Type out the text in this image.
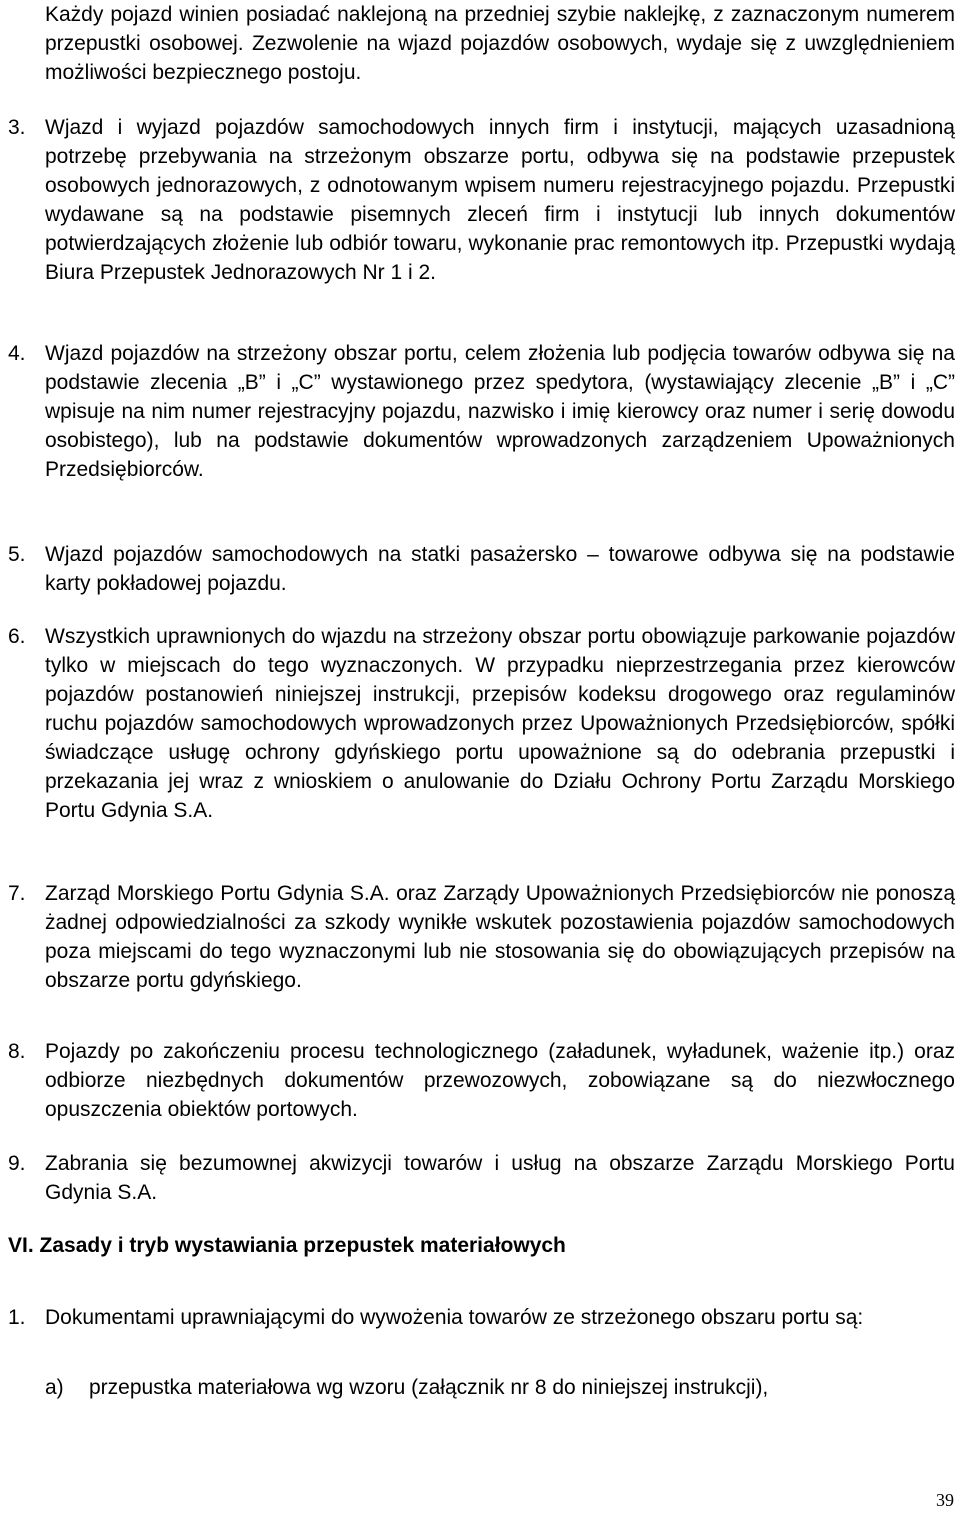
Każdy pojazd winien posiadać naklejoną na przedniej szybie naklejkę, z zaznaczonym numerem przepustki osobowej. Zezwolenie na wjazd pojazdów osobowych, wydaje się z uwzględnieniem możliwości bezpiecznego postoju.

3. Wjazd i wyjazd pojazdów samochodowych innych firm i instytucji, mających uzasadnioną potrzebę przebywania na strzeżonym obszarze portu, odbywa się na podstawie przepustek osobowych jednorazowych, z odnotowanym wpisem numeru rejestracyjnego pojazdu. Przepustki wydawane są na podstawie pisemnych zleceń firm i instytucji lub innych dokumentów potwierdzających złożenie lub odbiór towaru, wykonanie prac remontowych itp. Przepustki wydają Biura Przepustek Jednorazowych Nr 1 i 2.
4. Wjazd pojazdów na strzeżony obszar portu, celem złożenia lub podjęcia towarów odbywa się na podstawie zlecenia „B” i „C” wystawionego przez spedytora, (wystawiający zlecenie „B” i „C” wpisuje na nim numer rejestracyjny pojazdu, nazwisko i imię kierowcy oraz numer i serię dowodu osobistego), lub na podstawie dokumentów wprowadzonych zarządzeniem Upoważnionych Przedsiębiorców.
5. Wjazd pojazdów samochodowych na statki pasażersko – towarowe odbywa się na podstawie karty pokładowej pojazdu.
6. Wszystkich uprawnionych do wjazdu na strzeżony obszar portu obowiązuje parkowanie pojazdów tylko w miejscach do tego wyznaczonych. W przypadku nieprzestrzegania przez kierowców pojazdów postanowień niniejszej instrukcji, przepisów kodeksu drogowego oraz regulaminów ruchu pojazdów samochodowych wprowadzonych przez Upoważnionych Przedsiębiorców, spółki świadczące usługę ochrony gdyńskiego portu upoważnione są do odebrania przepustki i przekazania jej wraz z wnioskiem o anulowanie do Działu Ochrony Portu Zarządu Morskiego Portu Gdynia S.A.
7. Zarząd Morskiego Portu Gdynia S.A. oraz Zarządy Upoważnionych Przedsiębiorców nie ponoszą żadnej odpowiedzialności za szkody wynikłe wskutek pozostawienia pojazdów samochodowych poza miejscami do tego wyznaczonymi lub nie stosowania się do obowiązujących przepisów na obszarze portu gdyńskiego.
8. Pojazdy po zakończeniu procesu technologicznego (załadunek, wyładunek, ważenie itp.) oraz odbiorze niezbędnych dokumentów przewozowych, zobowiązane są do niezwłocznego opuszczenia obiektów portowych.
9. Zabrania się bezumownej akwizycji towarów i usług na obszarze Zarządu Morskiego Portu Gdynia S.A.
VI. Zasady i tryb wystawiania przepustek materiałowych
1. Dokumentami uprawniającymi do wywożenia towarów ze strzeżonego obszaru portu są:

a) przepustka materiałowa wg wzoru (załącznik nr 8 do niniejszej instrukcji),

39
